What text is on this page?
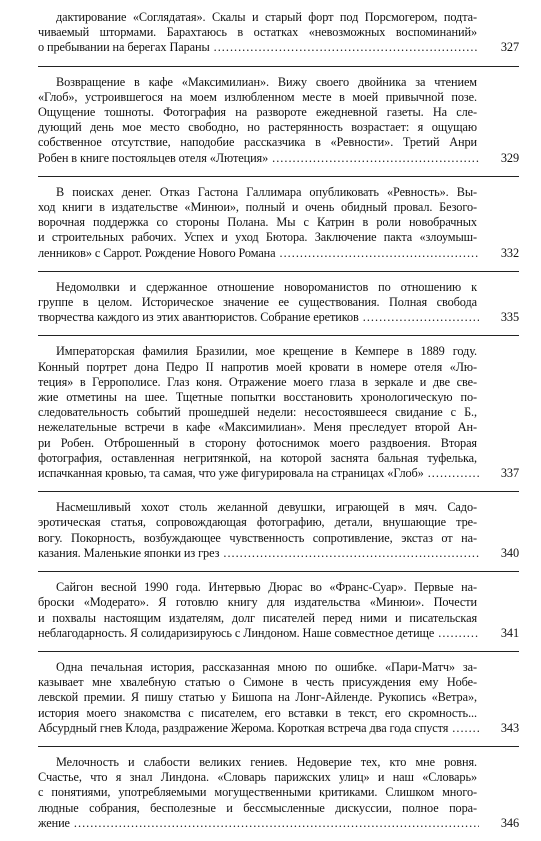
дактирование «Соглядатая». Скалы и старый форт под Порсмогером, подта-
чиваемый штормами. Барахтаюсь в остатках «невозможных воспоминаний»
о пребывании на берегах Параны .....	327
Возвращение в кафе «Максимилиан». Вижу своего двойника за чтением
«Глоб», устроившегося на моем излюбленном месте в моей привычной позе.
Ощущение тошноты. Фотография на развороте ежедневной газеты. На сле-
дующий день мое место свободно, но растерянность возрастает: я ощущаю
собственное отсутствие, наподобие рассказчика в «Ревности». Третий Анри
Робен в книге постояльцев отеля «Лютеция» .....	329
В поисках денег. Отказ Гастона Галлимара опубликовать «Ревность». Вы-
ход книги в издательстве «Минюи», полный и очень обидный провал. Безого-
ворочная поддержка со стороны Полана. Мы с Катрин в роли новобрачных
и строительных рабочих. Успех и уход Бютора. Заключение пакта «злоумыш-
ленников» с Саррот. Рождение Нового Романа .....	332
Недомолвки и сдержанное отношение новороманистов по отношению к
группе в целом. Историческое значение ее существования. Полная свобода
творчества каждого из этих авантюристов. Собрание еретиков .....	335
Императорская фамилия Бразилии, мое крещение в Кемпере в 1889 году.
Конный портрет дона Педро II напротив моей кровати в номере отеля «Лю-
теция» в Геррополисе. Глаз коня. Отражение моего глаза в зеркале и две све-
жие отметины на шее. Тщетные попытки восстановить хронологическую по-
следовательность событий прошедшей недели: несостоявшееся свидание с Б.,
нежелательные встречи в кафе «Максимилиан». Меня преследует второй Ан-
ри Робен. Отброшенный в сторону фотоснимок моего раздвоения. Вторая
фотография, оставленная негритянкой, на которой заснята бальная туфелька,
испачканная кровью, та самая, что уже фигурировала на страницах «Глоб» .....	337
Насмешливый хохот столь желанной девушки, играющей в мяч. Садо-
эротическая статья, сопровождающая фотографию, детали, внушающие тре-
вогу. Покорность, возбуждающее чувственность сопротивление, экстаз от на-
казания. Маленькие японки из грез .....	340
Сайгон весной 1990 года. Интервью Дюрас во «Франс-Суар». Первые на-
броски «Модерато». Я готовлю книгу для издательства «Минюи». Почести
и похвалы настоящим издателям, долг писателей перед ними и писательская
неблагодарность. Я солидаризируюсь с Линдоном. Наше совместное детище .....	341
Одна печальная история, рассказанная мною по ошибке. «Пари-Матч» за-
казывает мне хвалебную статью о Симоне в честь присуждения ему Нобе-
левской премии. Я пишу статью у Бишопа на Лонг-Айленде. Рукопись «Ветра»,
история моего знакомства с писателем, его вставки в текст, его скромность...
Абсурдный гнев Клода, раздражение Жерома. Короткая встреча два года спустя .....	343
Мелочность и слабости великих гениев. Недоверие тех, кто мне ровня.
Счастье, что я знал Линдона. «Словарь парижских улиц» и наш «Словарь»
с понятиями, употребляемыми могущественными критиками. Слишком много-
людные собрания, бесполезные и бессмысленные дискуссии, полное пора-
жение .....	346
